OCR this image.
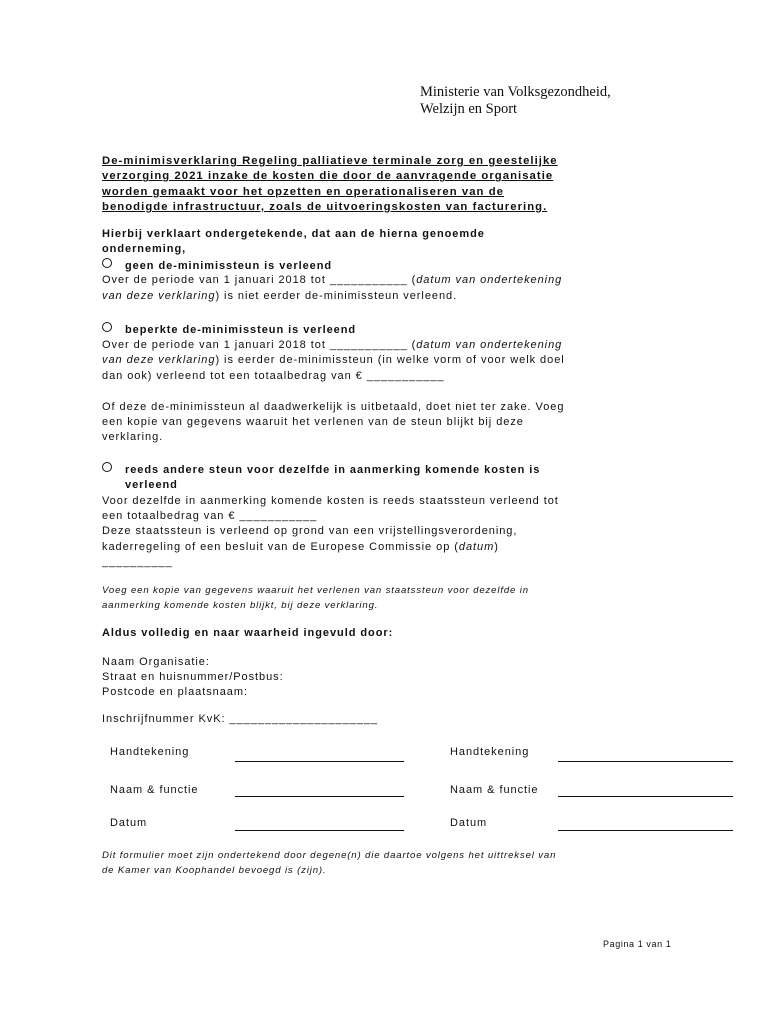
Ministerie van Volksgezondheid,
Welzijn en Sport
De-minimisverklaring Regeling palliatieve terminale zorg en geestelijke
verzorging 2021 inzake de kosten die door de aanvragende organisatie
worden gemaakt voor het opzetten en operationaliseren van de
benodigde infrastructuur, zoals de uitvoeringskosten van facturering.
Hierbij verklaart ondergetekende, dat aan de hierna genoemde
onderneming,
geen de-minimissteun is verleend
Over de periode van 1 januari 2018 tot ___________ (datum van ondertekening
van deze verklaring) is niet eerder de-minimissteun verleend.
beperkte de-minimissteun is verleend
Over de periode van 1 januari 2018 tot ___________ (datum van ondertekening
van deze verklaring) is eerder de-minimissteun (in welke vorm of voor welk doel
dan ook) verleend tot een totaalbedrag van € ___________
Of deze de-minimissteun al daadwerkelijk is uitbetaald, doet niet ter zake. Voeg
een kopie van gegevens waaruit het verlenen van de steun blijkt bij deze
verklaring.
reeds andere steun voor dezelfde in aanmerking komende kosten is
verleend
Voor dezelfde in aanmerking komende kosten is reeds staatssteun verleend tot
een totaalbedrag van € ___________
Deze staatssteun is verleend op grond van een vrijstellingsverordening,
kaderregeling of een besluit van de Europese Commissie op (datum)
__________
Voeg een kopie van gegevens waaruit het verlenen van staatssteun voor dezelfde in
aanmerking komende kosten blijkt, bij deze verklaring.
Aldus volledig en naar waarheid ingevuld door:
Naam Organisatie:
Straat en huisnummer/Postbus:
Postcode en plaatsnaam:
Inschrijfnummer KvK: _____________________
Handtekening
Naam & functie
Datum
Handtekening
Naam & functie
Datum
Dit formulier moet zijn ondertekend door degene(n) die daartoe volgens het uittreksel van
de Kamer van Koophandel bevoegd is (zijn).
Pagina 1 van 1
